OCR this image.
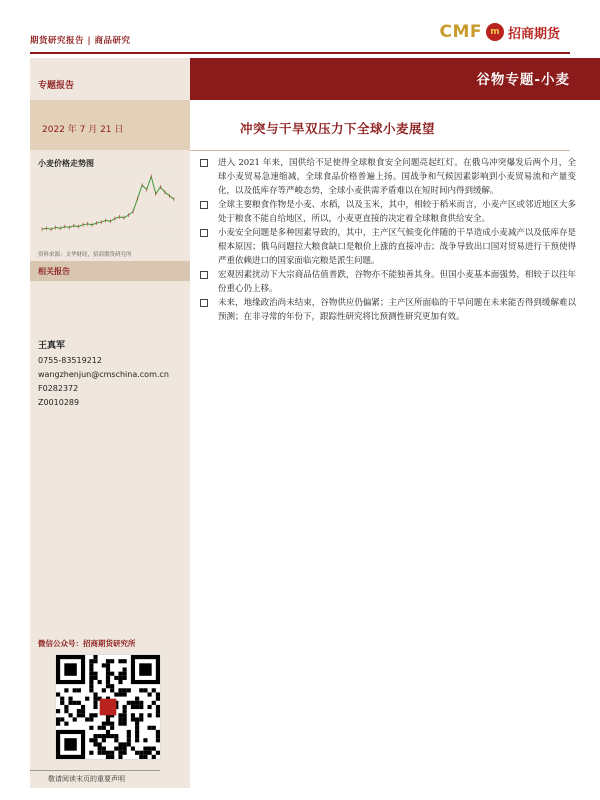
期货研究报告 | 商品研究	CMF m 招商期货
谷物专题-小麦
专题报告
2022 年 7 月 21 日	冲突与干旱双压力下全球小麦展望
小麦价格走势图
资料来源：文华财经，招商期货研究所
相关报告
王真军
0755-83519212
wangzhenjun@cmschina.com.cn
F0282372
Z0010289
微信公众号：招商期货研究所
进入 2021 年来，国供给不足使得全球粮食安全问题亮起红灯。在俄乌冲突爆发后两个月，全球小麦贸易急速缩减，全球食品价格普遍上扬。国战争和气候因素影响到小麦贸易流和产量变化，以及低库存等严峻态势，全球小麦供需矛盾难以在短时间内得到缓解。
全球主要粮食作物是小麦、水稻，以及玉米，其中，相较于稻米而言，小麦产区或邻近地区大多处于粮食不能自给地区，所以，小麦更直接的决定着全球粮食供给安全。
小麦安全问题是多种因素导致的，其中，主产区气候变化伴随的干旱造成小麦减产以及低库存是根本原因；俄乌问题拉大粮食缺口是粮价上涨的直接冲击；战争导致出口国对贸易进行干预使得严重依赖进口的国家面临完粮是派生问题。
宏观因素扰动下大宗商品估值普跌，谷物亦不能独善其身。但国小麦基本面强势，相较于以往年份重心仍上移。
未来，地缘政治尚未结束，谷物供应仍偏紧；主产区所面临的干旱问题在未来能否得到缓解难以预测；在非寻常的年份下，跟踪性研究将比预测性研究更加有效。
敬请阅读末页的重要声明
